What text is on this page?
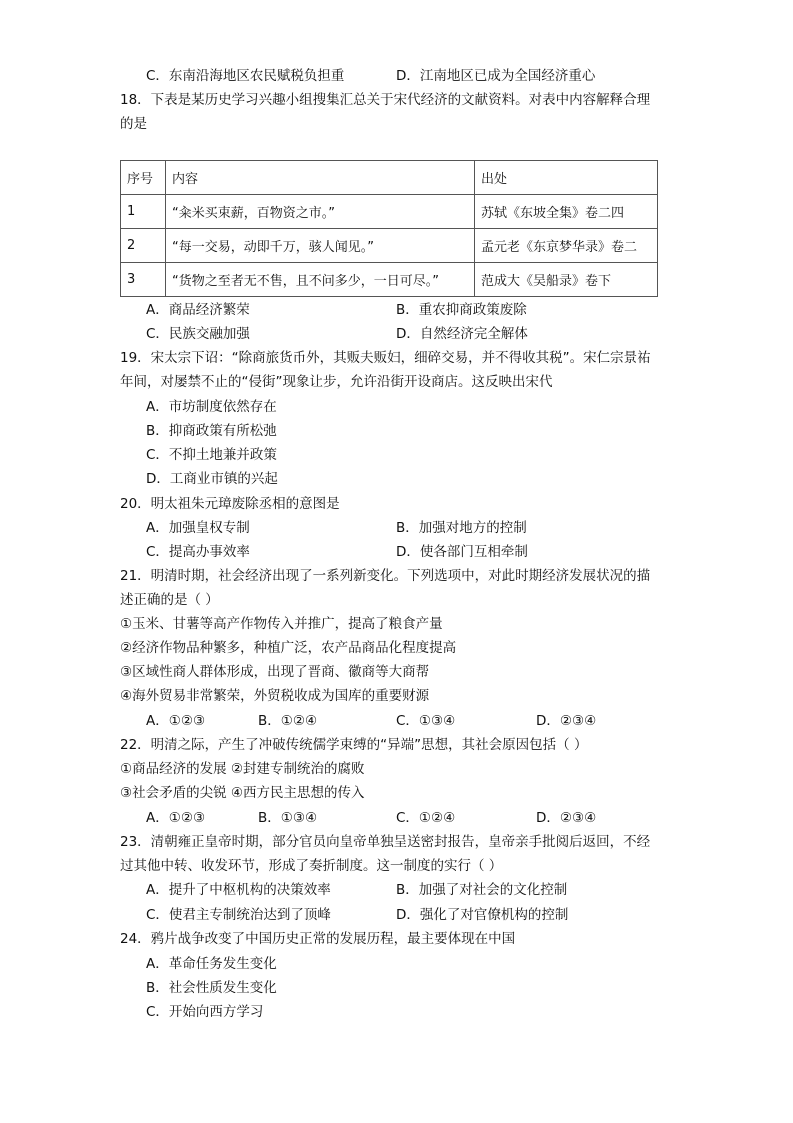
C．东南沿海地区农民赋税负担重	D．江南地区已成为全国经济重心
18．下表是某历史学习兴趣小组搜集汇总关于宋代经济的文献资料。对表中内容解释合理
的是
序号	内容	出处
1	“籴米买束薪，百物资之市。”	苏轼《东坡全集》卷二四
2	“每一交易，动即千万，骇人闻见。”	孟元老《东京梦华录》卷二
3	“货物之至者无不售，且不问多少，一日可尽。”	范成大《吴船录》卷下
A．商品经济繁荣	B．重农抑商政策废除
C．民族交融加强	D．自然经济完全解体
19．宋太宗下诏：“除商旅货币外，其贩夫贩妇，细碎交易，并不得收其税”。宋仁宗景祐
年间，对屡禁不止的“侵街”现象让步，允许沿街开设商店。这反映出宋代
A．市坊制度依然存在
B．抑商政策有所松弛
C．不抑土地兼并政策
D．工商业市镇的兴起
20．明太祖朱元璋废除丞相的意图是
A．加强皇权专制	B．加强对地方的控制
C．提高办事效率	D．使各部门互相牵制
21．明清时期，社会经济出现了一系列新变化。下列选项中，对此时期经济发展状况的描
述正确的是（ ）
①玉米、甘薯等高产作物传入并推广，提高了粮食产量
②经济作物品种繁多，种植广泛，农产品商品化程度提高
③区域性商人群体形成，出现了晋商、徽商等大商帮
④海外贸易非常繁荣，外贸税收成为国库的重要财源
A．①②③	B．①②④	C．①③④	D．②③④
22．明清之际，产生了冲破传统儒学束缚的“异端”思想，其社会原因包括（ ）
①商品经济的发展 ②封建专制统治的腐败
③社会矛盾的尖锐 ④西方民主思想的传入
A．①②③	B．①③④	C．①②④	D．②③④
23．清朝雍正皇帝时期，部分官员向皇帝单独呈送密封报告，皇帝亲手批阅后返回，不经
过其他中转、收发环节，形成了奏折制度。这一制度的实行（ ）
A．提升了中枢机构的决策效率	B．加强了对社会的文化控制
C．使君主专制统治达到了顶峰	D．强化了对官僚机构的控制
24．鸦片战争改变了中国历史正常的发展历程，最主要体现在中国
A．革命任务发生变化
B．社会性质发生变化
C．开始向西方学习
